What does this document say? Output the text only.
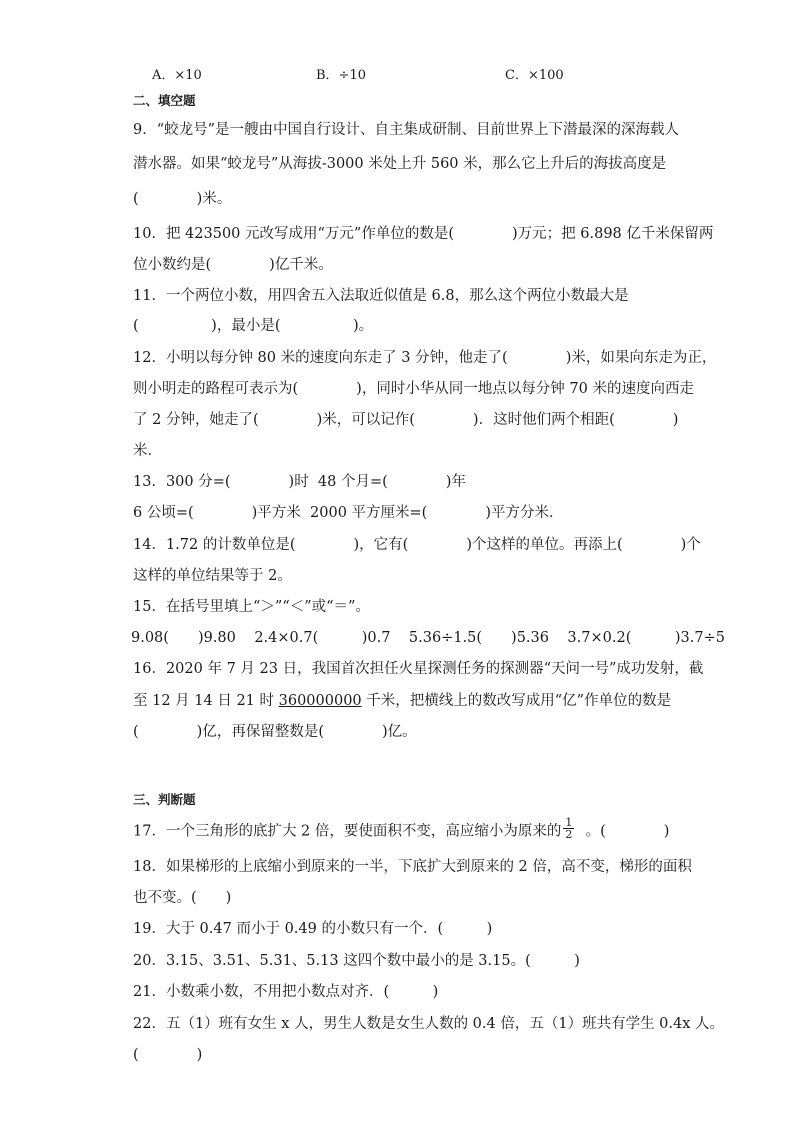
A．×10	B．÷10	C．×100
二、填空题
9．“蛟龙号”是一艘由中国自行设计、自主集成研制、目前世界上下潜最深的深海载人
潜水器。如果“蛟龙号”从海拔-3000 米处上升 560 米，那么它上升后的海拔高度是
(　　　　)米。
10．把 423500 元改写成用“万元”作单位的数是(　　　　)万元；把 6.898 亿千米保留两
位小数约是(　　　　)亿千米。
11．一个两位小数，用四舍五入法取近似值是 6.8，那么这个两位小数最大是
(　　　　　)，最小是(　　　　　)。
12．小明以每分钟 80 米的速度向东走了 3 分钟，他走了(　　　　)米，如果向东走为正，
则小明走的路程可表示为(　　　　)，同时小华从同一地点以每分钟 70 米的速度向西走
了 2 分钟，她走了(　　　　)米，可以记作(　　　　)．这时他们两个相距(　　　　)
米．
13．300 分=(　　　　)时  48 个月=(　　　　)年
6 公顷=(　　　　)平方米  2000 平方厘米=(　　　　)平方分米．
14．1.72 的计数单位是(　　　　)，它有(　　　　)个这样的单位。再添上(　　　　)个
这样的单位结果等于 2。
15．在括号里填上“＞”“＜”或“＝”。
9.08(　　)9.80    2.4×0.7(　　　)0.7    5.36÷1.5(　　)5.36    3.7×0.2(　　　)3.7÷5
16．2020 年 7 月 23 日，我国首次担任火星探测任务的探测器“天问一号”成功发射，截
至 12 月 14 日 21 时 360000000 千米，把横线上的数改写成用“亿”作单位的数是
(　　　　)亿，再保留整数是(　　　　)亿。
三、判断题
17．一个三角形的底扩大 2 倍，要使面积不变，高应缩小为原来的 $\frac{1}{2}$ 。(　　　　)
18．如果梯形的上底缩小到原来的一半，下底扩大到原来的 2 倍，高不变，梯形的面积
也不变。(　　)
19．大于 0.47 而小于 0.49 的小数只有一个．(　　　)
20．3.15、3.51、5.31、5.13 这四个数中最小的是 3.15。(　　　)
21．小数乘小数，不用把小数点对齐．(　　　)
22．五（1）班有女生 x 人，男生人数是女生人数的 0.4 倍，五（1）班共有学生 0.4x 人。
(　　　　)
